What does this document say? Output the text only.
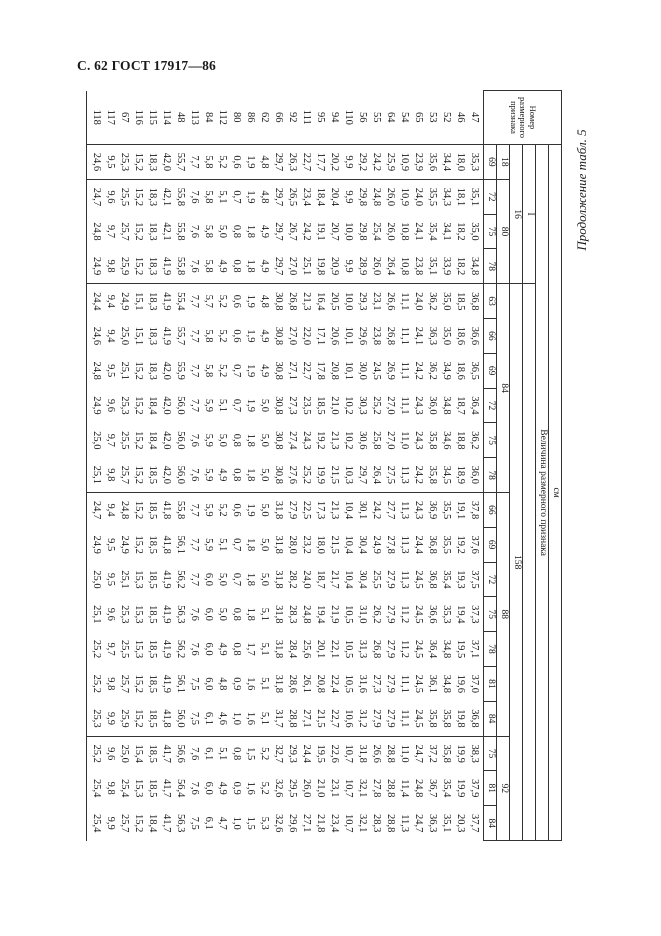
С. 62 ГОСТ 17917—86
Продолжение табл. 5
Номер размерного признака	см																			
	Величина размерного признака																			
	I																			
	16				158															
	18	80			84						88							92		
	69	72	75	78	63	66	69	72	75	78	66	69	72	75	78	81	84	75	81	84
47	35,3	35,1	35,0	34,8	36,8	36,6	36,5	36,4	36,2	36,0	37,8	37,6	37,5	37,3	37,1	37,0	36,8	38,3	37,9	37,7
46	18,0	18,1	18,2	18,2	18,5	18,6	18,6	18,7	18,8	18,9	19,1	19,2	19,3	19,4	19,5	19,6	19,8	19,9	19,9	20,3
52	34,4	34,3	34,1	33,9	35,0	35,0	34,9	34,8	34,6	34,5	35,5	35,5	35,4	35,3	34,8	34,8	35,8	35,8	35,4	35,1
53	35,6	35,5	35,4	35,1	36,2	36,3	36,2	36,0	35,8	35,8	36,9	36,8	36,8	36,6	36,4	36,1	35,8	37,2	36,7	36,3
65	23,9	24,0	24,1	23,8	24,0	24,1	24,2	24,3	24,3	24,2	24,3	24,4	24,5	24,5	24,5	24,5	24,5	24,7	24,8	24,7
54	10,9	10,9	10,8	10,8	11,1	11,1	11,1	11,1	11,0	11,3	11,3	11,3	11,3	11,2	11,2	11,1	11,1	11,0	11,4	11,3
64	25,9	26,0	26,0	26,4	26,6	26,8	26,9	27,0	27,0	27,5	27,7	27,8	27,9	27,9	27,9	27,9	27,9	28,8	28,8	28,8
55	24,2	24,8	25,4	26,0	23,1	23,8	24,5	25,2	25,8	26,4	24,2	24,9	25,5	26,2	26,8	27,3	27,9	26,6	27,8	28,3
56	29,2	29,8	29,8	28,9	29,3	29,6	30,0	30,3	30,6	29,7	30,1	30,4	30,4	31,0	31,3	31,6	31,2	31,8	32,1	32,1
110	9,9	9,9	10,0	9,9	10,0	10,1	10,1	10,2	10,2	10,3	10,4	10,4	10,4	10,5	10,5	10,5	10,6	10,7	10,7	10,7
94	20,2	20,4	20,7	20,9	20,5	20,6	20,8	21,0	21,3	21,5	21,3	21,5	21,7	21,9	22,1	22,4	22,7	22,6	23,1	23,4
95	17,7	18,4	19,1	19,8	16,4	17,1	17,8	18,5	19,2	19,9	17,3	18,0	18,7	19,4	20,1	20,8	21,5	19,5	21,0	21,8
111	22,7	23,4	24,2	25,1	21,3	22,0	22,7	23,5	24,3	25,2	22,5	23,2	24,0	24,8	25,6	26,1	27,1	24,4	26,0	27,1
92	26,3	26,5	26,7	27,0	26,8	27,0	27,1	27,3	27,4	27,6	27,9	28,0	28,2	28,3	28,4	28,6	28,8	29,3	29,5	29,6
66	29,7	29,7	29,7	29,7	30,8	30,8	30,8	30,8	30,8	30,8	31,8	31,8	31,8	31,8	31,8	31,8	31,7	32,7	32,6	32,6
62	4,8	4,8	4,9	4,9	4,8	4,9	4,9	5,0	5,0	5,0	5,0	5,0	5,0	5,1	5,1	5,1	5,1	5,2	5,2	5,3
86	1,9	1,9	1,8	1,8	1,9	1,9	1,9	1,9	1,8	1,8	1,9	1,8	1,8	1,8	1,7	1,6	1,6	1,5	1,6	1,5
80	0,6	0,7	0,8	0,8	0,6	0,6	0,7	0,7	0,8	0,8	0,6	0,7	0,7	0,8	0,8	0,9	1,0	0,8	0,9	1,0
112	5,2	5,1	5,0	4,9	5,2	5,2	5,2	5,1	5,0	4,9	5,2	5,1	5,0	5,0	4,9	4,8	4,6	5,1	4,9	4,7
84	5,8	5,8	5,8	5,8	5,7	5,8	5,8	5,9	5,9	5,9	5,9	5,9	6,0	6,0	6,0	6,0	6,1	6,1	6,0	6,1
113	7,7	7,6	7,6	7,6	7,7	7,7	7,7	7,7	7,6	7,6	7,7	7,7	7,7	7,6	7,6	7,5	7,5	7,6	7,6	7,5
48	55,7	55,8	55,8	55,8	55,4	55,7	55,9	56,0	56,0	56,0	55,8	56,1	56,2	56,3	56,2	56,1	56,0	56,6	56,4	56,3
114	42,0	42,1	42,1	41,9	41,9	41,9	42,0	42,0	42,0	42,0	41,8	41,8	41,9	41,9	41,9	41,9	41,8	41,7	41,7	41,7
115	18,3	18,3	18,3	18,3	18,3	18,3	18,3	18,4	18,4	18,5	18,5	18,5	18,5	18,5	18,5	18,5	18,5	18,5	18,5	18,4
116	15,2	15,2	15,2	15,2	15,1	15,1	15,2	15,2	15,2	15,2	15,2	15,2	15,3	15,3	15,3	15,2	15,2	15,4	15,3	15,2
67	25,3	25,5	25,7	25,9	24,9	25,0	25,1	25,3	25,5	25,7	24,8	24,9	25,1	25,3	25,5	25,7	25,9	25,0	25,4	25,7
117	9,5	9,6	9,7	9,8	9,4	9,4	9,5	9,6	9,7	9,8	9,4	9,5	9,5	9,6	9,7	9,8	9,9	9,6	9,8	9,9
118	24,6	24,7	24,8	24,9	24,4	24,6	24,8	24,9	25,0	25,1	24,7	24,9	25,0	25,1	25,2	25,2	25,3	25,2	25,4	25,4
